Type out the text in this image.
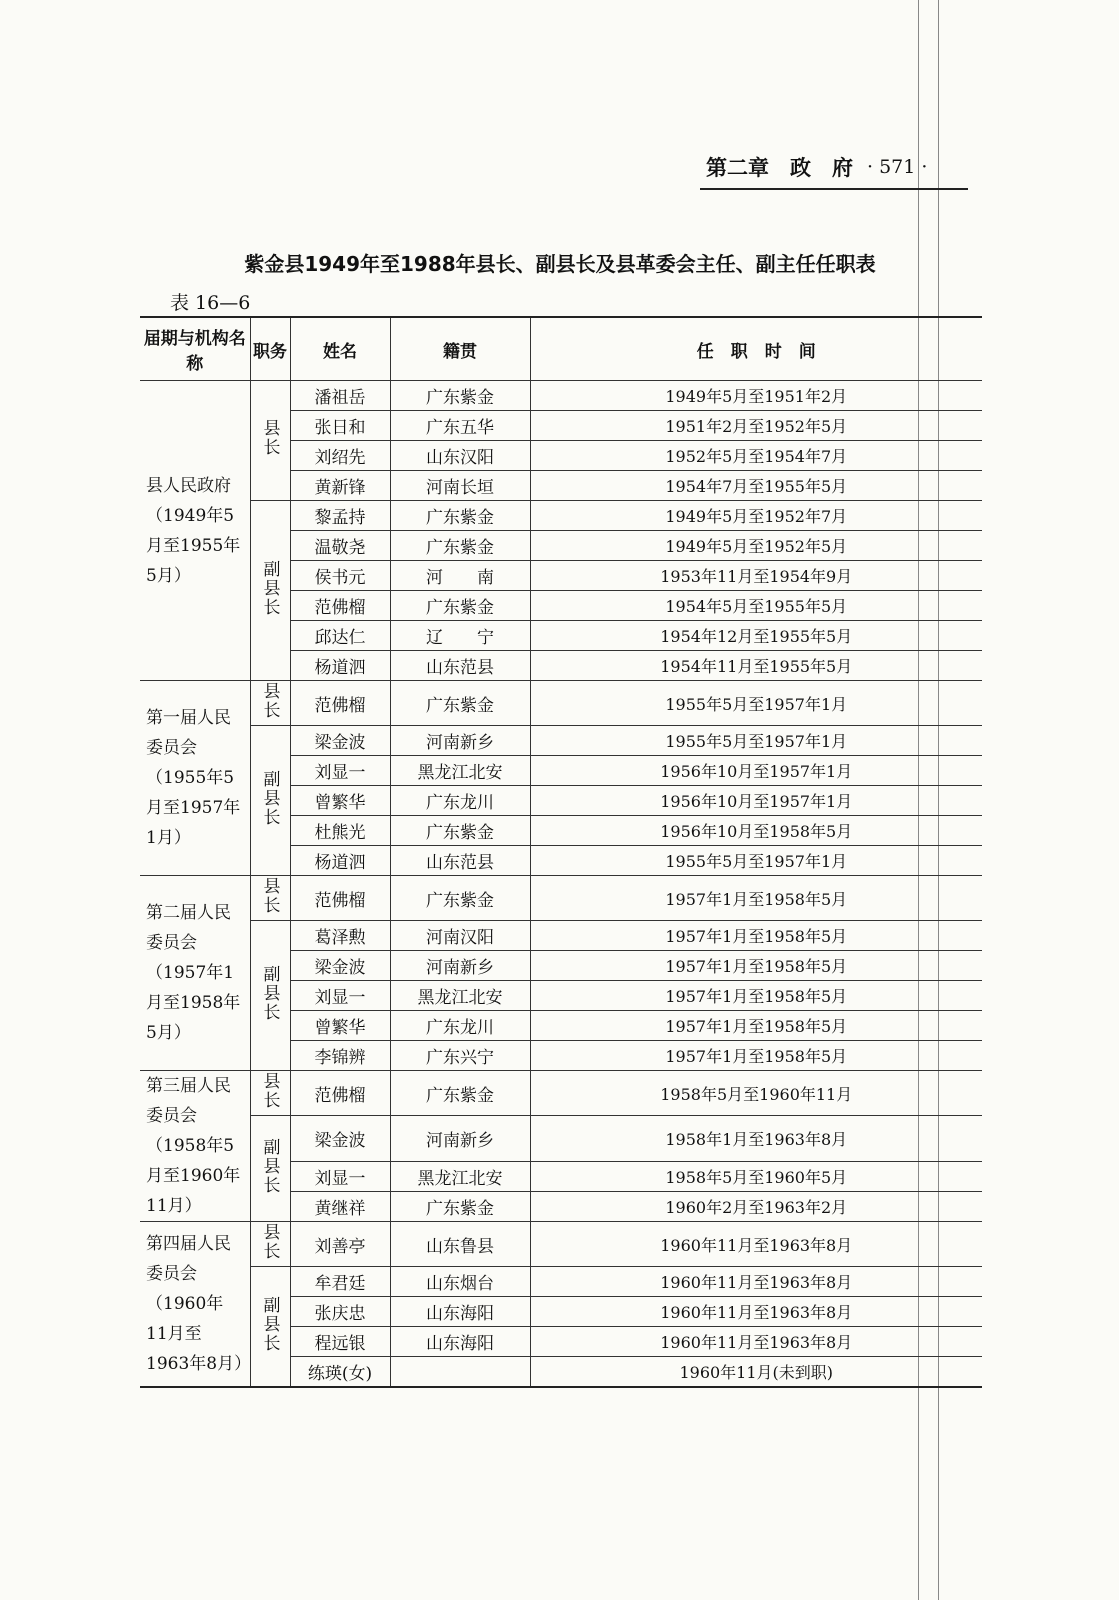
第二章　政　府 · 571 ·
紫金县1949年至1988年县长、副县长及县革委会主任、副主任任职表
表 16—6
届期与机构名称	职务	姓名	籍贯	任　职　时　间
县人民政府（1949年5月至1955年5月）	县长	潘祖岳	广东紫金	1949年5月至1951年2月
		张日和	广东五华	1951年2月至1952年5月
		刘绍先	山东汉阳	1952年5月至1954年7月
		黄新锋	河南长垣	1954年7月至1955年5月
	副县长	黎孟持	广东紫金	1949年5月至1952年7月
		温敬尧	广东紫金	1949年5月至1952年5月
		侯书元	河　　南	1953年11月至1954年9月
		范佛榴	广东紫金	1954年5月至1955年5月
		邱达仁	辽　　宁	1954年12月至1955年5月
		杨道泗	山东范县	1954年11月至1955年5月
第一届人民委员会（1955年5月至1957年1月）	县长	范佛榴	广东紫金	1955年5月至1957年1月
	副县长	梁金波	河南新乡	1955年5月至1957年1月
		刘显一	黑龙江北安	1956年10月至1957年1月
		曾繁华	广东龙川	1956年10月至1957年1月
		杜熊光	广东紫金	1956年10月至1958年5月
		杨道泗	山东范县	1955年5月至1957年1月
第二届人民委员会（1957年1月至1958年5月）	县长	范佛榴	广东紫金	1957年1月至1958年5月
	副县长	葛泽勲	河南汉阳	1957年1月至1958年5月
		梁金波	河南新乡	1957年1月至1958年5月
		刘显一	黑龙江北安	1957年1月至1958年5月
		曾繁华	广东龙川	1957年1月至1958年5月
		李锦辨	广东兴宁	1957年1月至1958年5月
第三届人民委员会（1958年5月至1960年11月）	县长	范佛榴	广东紫金	1958年5月至1960年11月
	副县长	梁金波	河南新乡	1958年1月至1963年8月
		刘显一	黑龙江北安	1958年5月至1960年5月
		黄继祥	广东紫金	1960年2月至1963年2月
第四届人民委员会（1960年11月至1963年8月）	县长	刘善亭	山东鲁县	1960年11月至1963年8月
	副县长	牟君廷	山东烟台	1960年11月至1963年8月
		张庆忠	山东海阳	1960年11月至1963年8月
		程远银	山东海阳	1960年11月至1963年8月
		练瑛(女)		1960年11月(未到职)
